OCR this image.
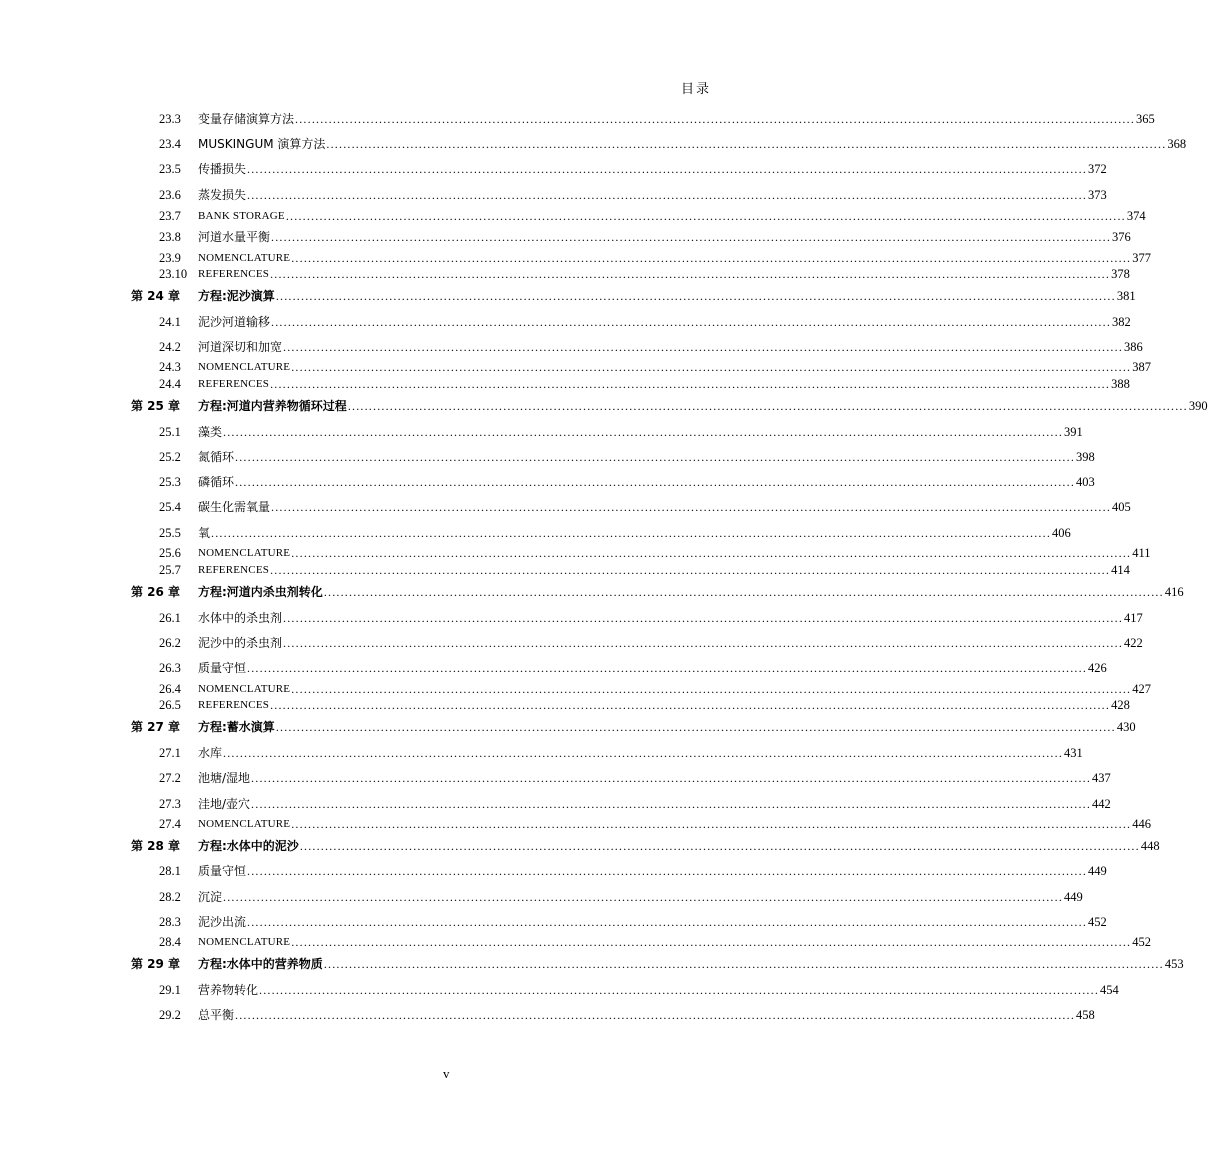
目录
23.3	变量存储演算方法 ........................................................................................................................................................................................................ 365
23.4	MUSKINGUM 演算方法 ........................................................................................................................................................................................................ 368
23.5	传播损失 ........................................................................................................................................................................................................ 372
23.6	蒸发损失 ........................................................................................................................................................................................................ 373
23.7	BANK STORAGE ........................................................................................................................................................................................................ 374
23.8	河道水量平衡 ........................................................................................................................................................................................................ 376
23.9	NOMENCLATURE ........................................................................................................................................................................................................ 377
23.10 REFERENCES ........................................................................................................................................................................................................ 378
第 24 章	方程:泥沙演算 ........................................................................................................................................................................................................ 381
24.1	泥沙河道输移 ........................................................................................................................................................................................................ 382
24.2	河道深切和加宽 ........................................................................................................................................................................................................ 386
24.3	NOMENCLATURE ........................................................................................................................................................................................................ 387
24.4	REFERENCES ........................................................................................................................................................................................................ 388
第 25 章	方程:河道内营养物循环过程 ........................................................................................................................................................................................................ 390
25.1	藻类 ........................................................................................................................................................................................................ 391
25.2	氮循环 ........................................................................................................................................................................................................ 398
25.3	磷循环 ........................................................................................................................................................................................................ 403
25.4	碳生化需氧量 ........................................................................................................................................................................................................ 405
25.5	氧 ........................................................................................................................................................................................................ 406
25.6	NOMENCLATURE ........................................................................................................................................................................................................ 411
25.7	REFERENCES ........................................................................................................................................................................................................ 414
第 26 章	方程:河道内杀虫剂转化 ........................................................................................................................................................................................................ 416
26.1	水体中的杀虫剂 ........................................................................................................................................................................................................ 417
26.2	泥沙中的杀虫剂 ........................................................................................................................................................................................................ 422
26.3	质量守恒 ........................................................................................................................................................................................................ 426
26.4	NOMENCLATURE ........................................................................................................................................................................................................ 427
26.5	REFERENCES ........................................................................................................................................................................................................ 428
第 27 章	方程:蓄水演算 ........................................................................................................................................................................................................ 430
27.1	水库 ........................................................................................................................................................................................................ 431
27.2	池塘/湿地 ........................................................................................................................................................................................................ 437
27.3	洼地/壶穴 ........................................................................................................................................................................................................ 442
27.4	NOMENCLATURE ........................................................................................................................................................................................................ 446
第 28 章	方程:水体中的泥沙 ........................................................................................................................................................................................................ 448
28.1	质量守恒 ........................................................................................................................................................................................................ 449
28.2	沉淀 ........................................................................................................................................................................................................ 449
28.3	泥沙出流 ........................................................................................................................................................................................................ 452
28.4	NOMENCLATURE ........................................................................................................................................................................................................ 452
第 29 章	方程:水体中的营养物质 ........................................................................................................................................................................................................ 453
29.1	营养物转化 ........................................................................................................................................................................................................ 454
29.2	总平衡 ........................................................................................................................................................................................................ 458
v
